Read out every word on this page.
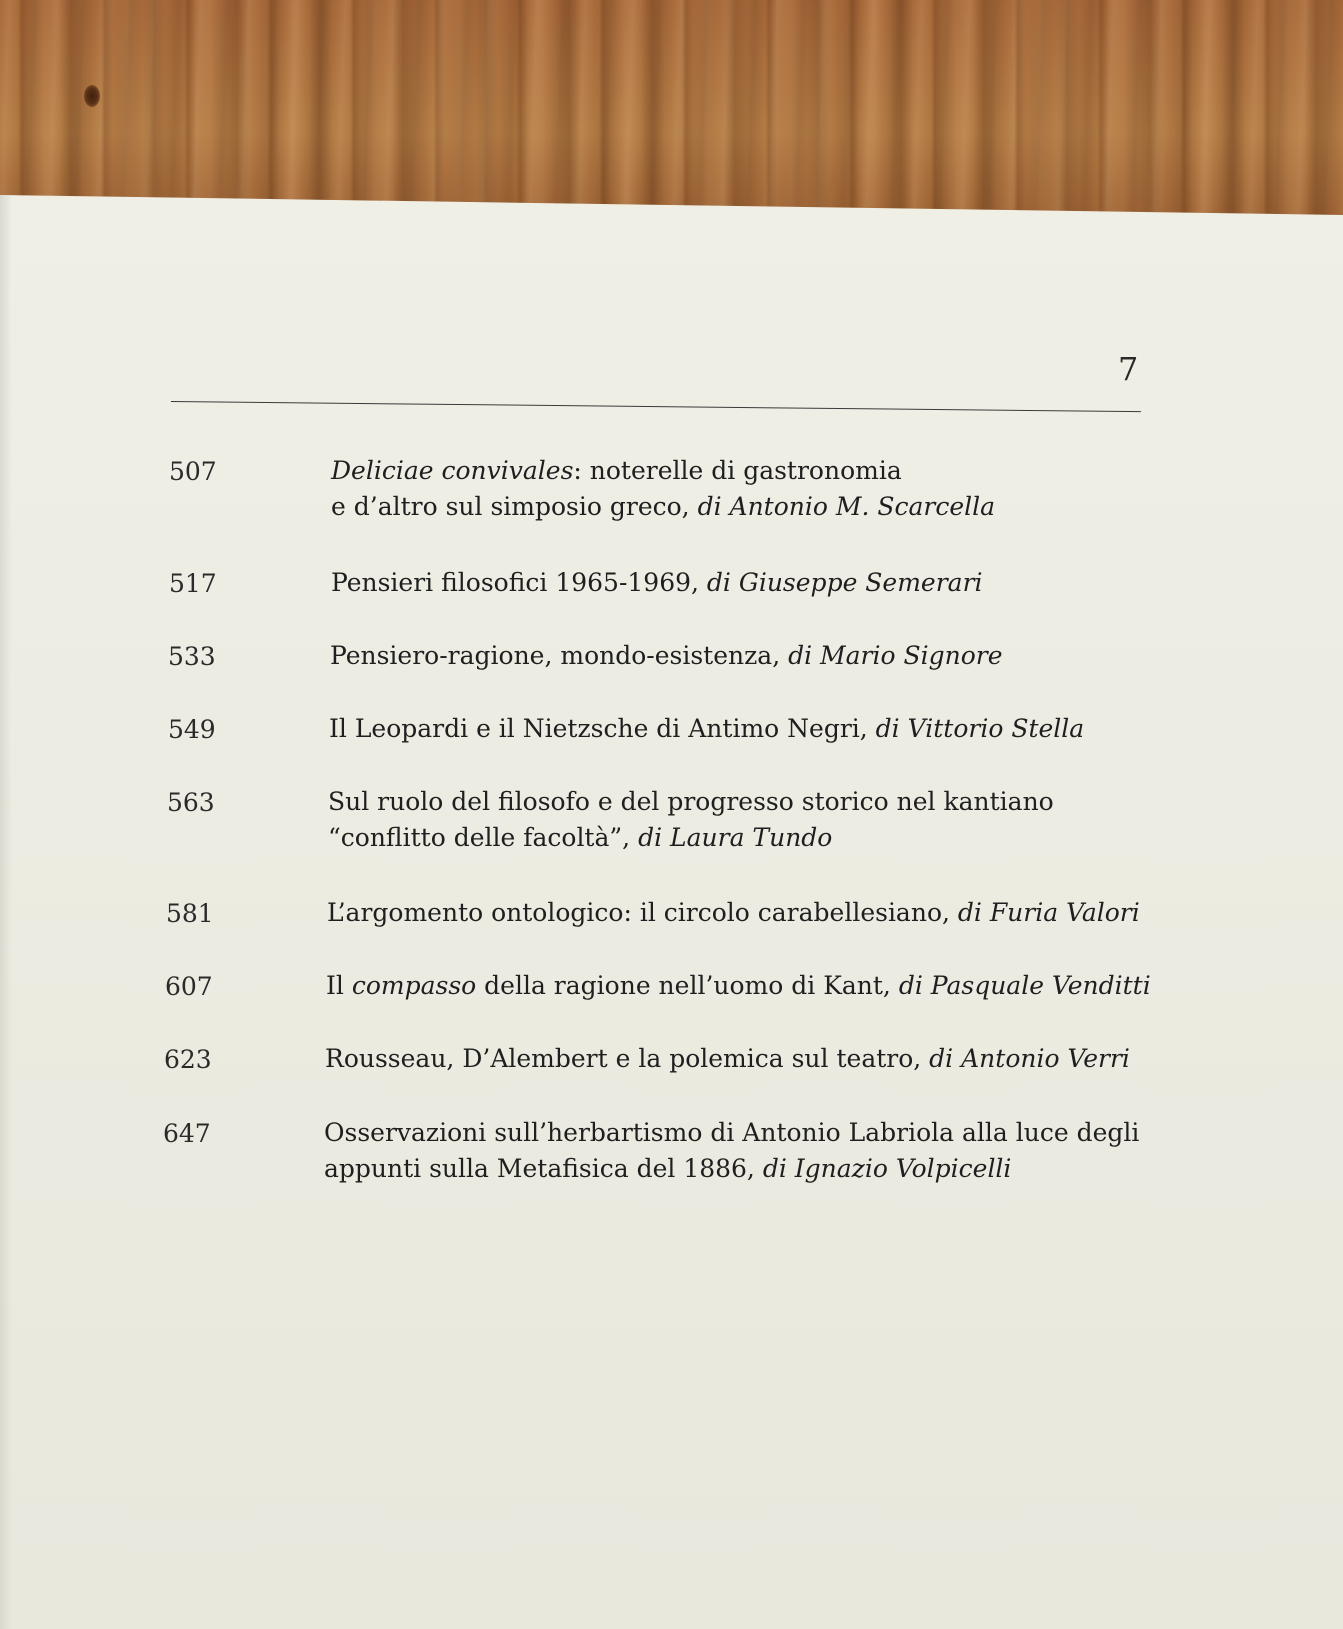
7
507	Deliciae convivales: noterelle di gastronomia
e d’altro sul simposio greco, di Antonio M. Scarcella
517	Pensieri filosofici 1965-1969, di Giuseppe Semerari
533	Pensiero-ragione, mondo-esistenza, di Mario Signore
549	Il Leopardi e il Nietzsche di Antimo Negri, di Vittorio Stella
563	Sul ruolo del filosofo e del progresso storico nel kantiano
“conflitto delle facoltà”, di Laura Tundo
581	L’argomento ontologico: il circolo carabellesiano, di Furia Valori
607	Il compasso della ragione nell’uomo di Kant, di Pasquale Venditti
623	Rousseau, D’Alembert e la polemica sul teatro, di Antonio Verri
647	Osservazioni sull’herbartismo di Antonio Labriola alla luce degli
appunti sulla Metafisica del 1886, di Ignazio Volpicelli
